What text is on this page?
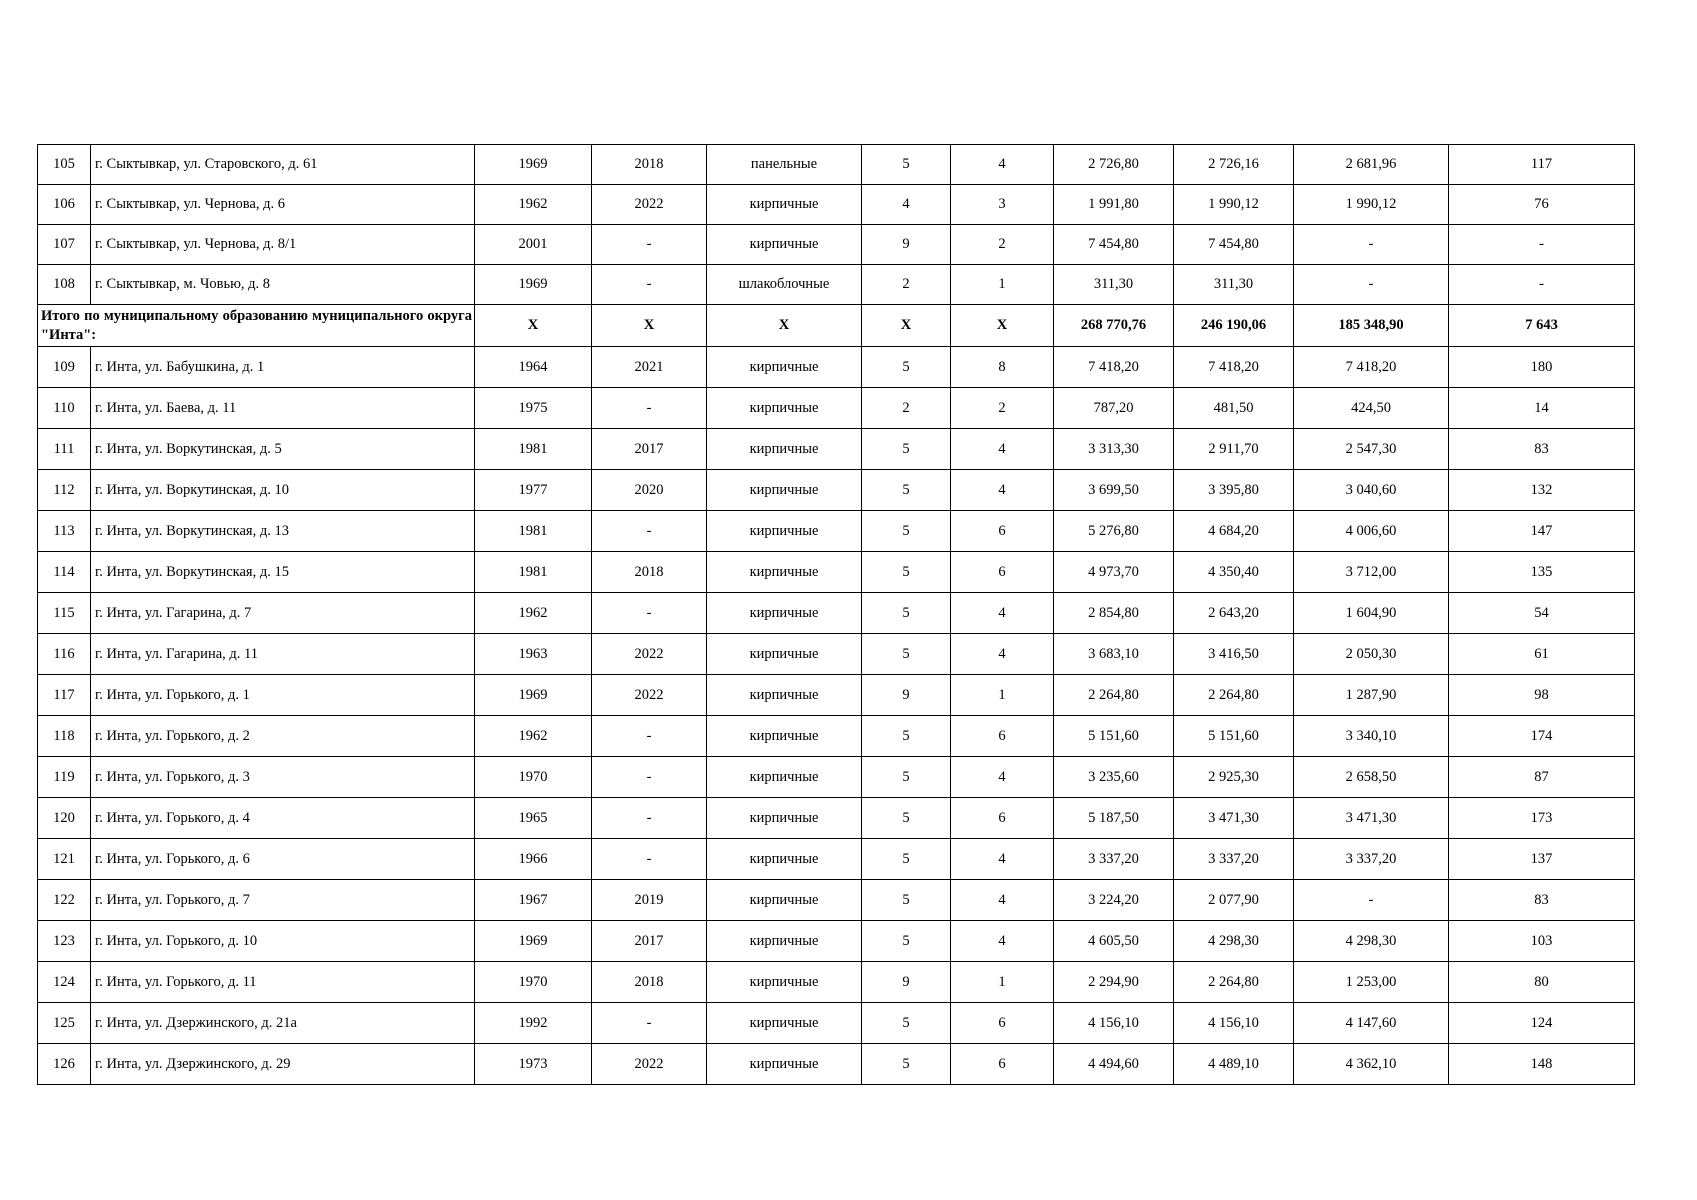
105	г. Сыктывкар, ул. Старовского, д. 61	1969	2018	панельные	5	4	2 726,80	2 726,16	2 681,96	117
106	г. Сыктывкар, ул. Чернова, д. 6	1962	2022	кирпичные	4	3	1 991,80	1 990,12	1 990,12	76
107	г. Сыктывкар, ул. Чернова, д. 8/1	2001	-	кирпичные	9	2	7 454,80	7 454,80	-	-
108	г. Сыктывкар, м. Човью, д. 8	1969	-	шлакоблочные	2	1	311,30	311,30	-	-
Итого по муниципальному образованию муниципального округа "Инта":		X	X	X	X	X	268 770,76	246 190,06	185 348,90	7 643
109	г. Инта, ул. Бабушкина, д. 1	1964	2021	кирпичные	5	8	7 418,20	7 418,20	7 418,20	180
110	г. Инта, ул. Баева, д. 11	1975	-	кирпичные	2	2	787,20	481,50	424,50	14
111	г. Инта, ул. Воркутинская, д. 5	1981	2017	кирпичные	5	4	3 313,30	2 911,70	2 547,30	83
112	г. Инта, ул. Воркутинская, д. 10	1977	2020	кирпичные	5	4	3 699,50	3 395,80	3 040,60	132
113	г. Инта, ул. Воркутинская, д. 13	1981	-	кирпичные	5	6	5 276,80	4 684,20	4 006,60	147
114	г. Инта, ул. Воркутинская, д. 15	1981	2018	кирпичные	5	6	4 973,70	4 350,40	3 712,00	135
115	г. Инта, ул. Гагарина, д. 7	1962	-	кирпичные	5	4	2 854,80	2 643,20	1 604,90	54
116	г. Инта, ул. Гагарина, д. 11	1963	2022	кирпичные	5	4	3 683,10	3 416,50	2 050,30	61
117	г. Инта, ул. Горького, д. 1	1969	2022	кирпичные	9	1	2 264,80	2 264,80	1 287,90	98
118	г. Инта, ул. Горького, д. 2	1962	-	кирпичные	5	6	5 151,60	5 151,60	3 340,10	174
119	г. Инта, ул. Горького, д. 3	1970	-	кирпичные	5	4	3 235,60	2 925,30	2 658,50	87
120	г. Инта, ул. Горького, д. 4	1965	-	кирпичные	5	6	5 187,50	3 471,30	3 471,30	173
121	г. Инта, ул. Горького, д. 6	1966	-	кирпичные	5	4	3 337,20	3 337,20	3 337,20	137
122	г. Инта, ул. Горького, д. 7	1967	2019	кирпичные	5	4	3 224,20	2 077,90	-	83
123	г. Инта, ул. Горького, д. 10	1969	2017	кирпичные	5	4	4 605,50	4 298,30	4 298,30	103
124	г. Инта, ул. Горького, д. 11	1970	2018	кирпичные	9	1	2 294,90	2 264,80	1 253,00	80
125	г. Инта, ул. Дзержинского, д. 21а	1992	-	кирпичные	5	6	4 156,10	4 156,10	4 147,60	124
126	г. Инта, ул. Дзержинского, д. 29	1973	2022	кирпичные	5	6	4 494,60	4 489,10	4 362,10	148
